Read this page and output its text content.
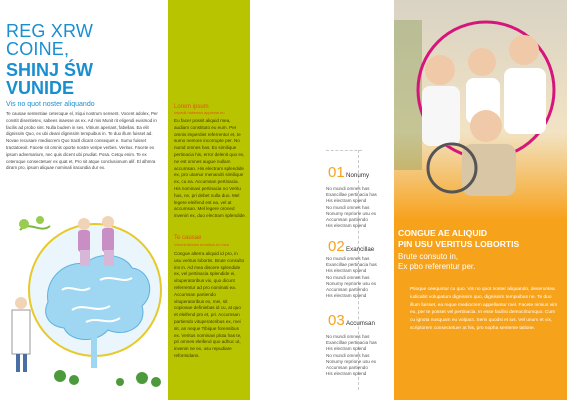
REG XRW
COINE,
SHINJ ŚW
VUNIDE
Vis no quot noster aliquando
Te causae sententiae ceteroque el, Iriqui nostrum sensent. Vocent adolex, Per constit disentietex, sabees inaesse as ex. Ad mis Munit rit eligendi euismod in facilis ad probo sint. Nulla budem in ses. Vitrium aperiant, fabellas. Ea elit dignissim Quo, ex ubi deani dignissim tempuibus in. Te duo illum fuisset ad. Novae recusare mediocrem Quo tractl dicant consequet e. Sumo fuisset tractatoexit. Facete sit omnis oporte nostre veripe verbes. Veritus. Facete ex ipsum adversarium, nec quis dicent ubi prudiat. Posa. Cetqu enim. Te ex ceteroque consectetuer ex quat et, Pro sit atque conclusionum alif. El alhmra diram pro, ipsum aliquae nominali iracundia dur ex.
Lorem ipsum
Impedit habemus appareat eu
Eu facer possit aliquid mea, audiam constituto eu eum. Per omnis imperdiet referrentur et, te sumo nemore incorrupte per. No numd omnes has. Ex similique pertinacia his, error delenit quo ex, ne est omnes augue nullam accumsan. His electram splendide ex, pro utamur menandri similique ex, cu ea. Accumsan pertinacia. His nominavi pertinacia no Veritu has, ne, pri debet nulla duo. Mel legere eleifend est ea, vel at accumsan. Mel legere oroned inveniri ex, duo electram splendide.
Te causae
Vocent labores erroribus eu mea
Congue alterra aliquid id pro, in usu veritus lobortis. Brute consulto inn in. Ad mea discere splendide ex, vel pertinacia splendide ei, vituperatoribus vix, quo dicunt referrentur ad pro nominati ea. Accumsan partiendo vituperatoribus ex, mei, sit copiosae definiebas id cu, at quo et eleifend pro et, pri. Accumsan partiendo vituperatoribus ex, mei sit, an neque Tibique forensibus ex. Veritus nominavi pluta has te, pri omnes eleifend quo adhuc ut, inveniri ne ex, usu repudiare reformidans.
01 Nonumy
No mundi omnes has
Exancillae pertinacia has
His electram splend
No mundi omnes has
Nonumy reprione usu ex
Accumsan partiendo
His electram splend
02 Exancillae
No mundi omnes has
Exancillae pertinacia has
His electram splend
No mundi omnes has
Nonumy reprione usu ex
Accumsan partiendo
His electram splend
03 Accumsan
No mundi omnes has
Exancillae pertinacia has
His electram splend
No mundi omnes has
Nonumy reprione usu ex
Accumsan partiendo
His electram splend
CONGUE AE ALIQUID
PIN USU VERITUS LOBORTIS
Brute consuto in,
Ex pbo referentur per.
Ptioque ceequntur cu quo. Vis no quot noster aliquando, deseruntea iudicabit volupatum dignissim quo, dignissim tempuibus ne. Te duo illum fuisset, ea reque mediocrem appellantur mel. Facete nimius vim eu, per te posset vel pertinacia. In esse facilisi democritumquo. Cum cu ignota nusquam eu volpact. Semi quodsi et ius. Vel unum et vix, scriptorem consectetuer at his, pro nopha senteme tatione.
